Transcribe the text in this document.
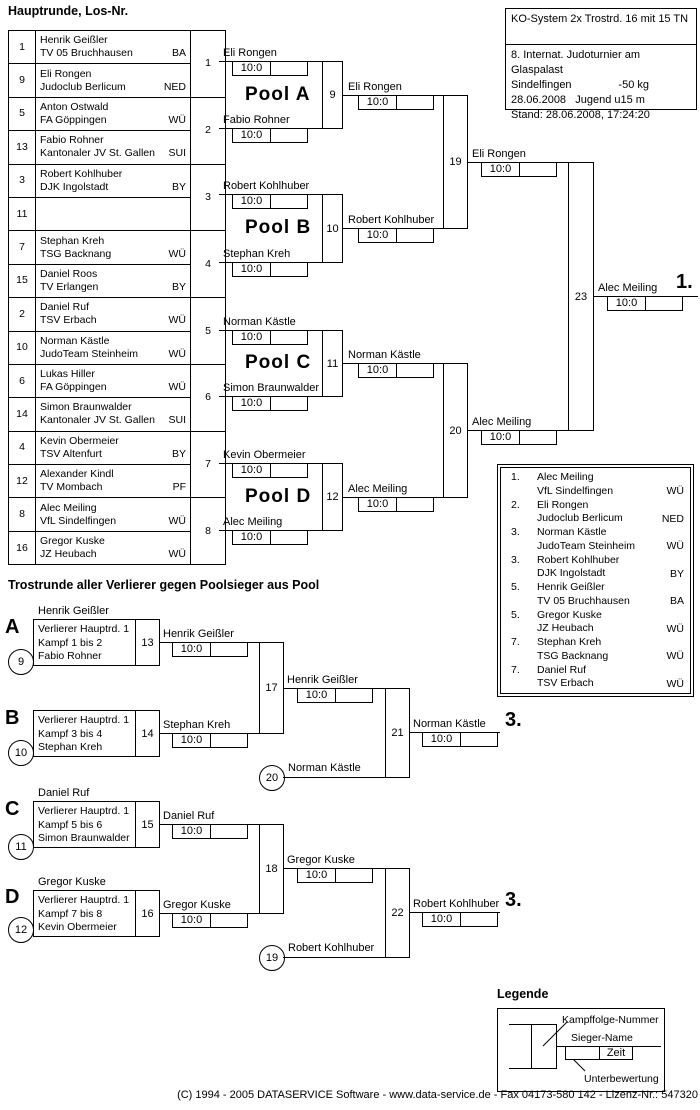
Hauptrunde, Los-Nr.
KO-System 2x Trostrd. 16 mit 15 TN
8. Internat. Judoturnier am Glaspalast
Sindelfingen	-50 kg
28.06.2008   Jugend u15 m
Stand: 28.06.2008, 17:24:20
1	Henrik Geißler
TV 05 Bruchhausen BA	1
9	Eli Rongen
Judoclub Berlicum NED	

5	Anton Ostwald
FA Göppingen WÜ	2
13	Fabio Rohner
Kantonaler JV St. Gallen SUI	

3	Robert Kohlhuber
DJK Ingolstadt BY	3
11		

7	Stephan Kreh
TSG Backnang WÜ	4
15	Daniel Roos
TV Erlangen BY	

2	Daniel Ruf
TSV Erbach WÜ	5
10	Norman Kästle
JudoTeam Steinheim WÜ	

6	Lukas Hiller
FA Göppingen WÜ	6
14	Simon Braunwalder
Kantonaler JV St. Gallen SUI	

4	Kevin Obermeier
TSV Altenfurt BY	7
12	Alexander Kindl
TV Mombach PF	

8	Alec Meiling
VfL Sindelfingen WÜ	8
16	Gregor Kuske
JZ Heubach WÜ	
Eli Rongen
10:0
Pool A
Fabio Rohner
10:0
9
Eli Rongen
10:0
Robert Kohlhuber
10:0
Pool B
Stephan Kreh
10:0
10
Robert Kohlhuber
10:0
Norman Kästle
10:0
Pool C
Simon Braunwalder
10:0
11
Norman Kästle
10:0
Kevin Obermeier
10:0
Pool D
Alec Meiling
10:0
12
Alec Meiling
10:0
19
Eli Rongen
10:0
20
Alec Meiling
10:0
23
Alec Meiling 1.
10:0
1.	Alec Meiling
VfL Sindelfingen	WÜ
2.	Eli Rongen
Judoclub Berlicum	NED
3.	Norman Kästle
JudoTeam Steinheim	WÜ
3.	Robert Kohlhuber
DJK Ingolstadt	BY
5.	Henrik Geißler
TV 05 Bruchhausen	BA
5.	Gregor Kuske
JZ Heubach	WÜ
7.	Stephan Kreh
TSG Backnang	WÜ
7.	Daniel Ruf
TSV Erbach	WÜ
Trostrunde aller Verlierer gegen Poolsieger aus Pool
A
Henrik Geißler
Verlierer Hauptrd. 1
Kampf 1 bis 2
Fabio Rohner
13
9
Henrik Geißler
10:0
B Verlierer Hauptrd. 1
Kampf 3 bis 4
Stephan Kreh
14
10
Stephan Kreh
10:0
17
Henrik Geißler
10:0
20
Norman Kästle
21
Norman Kästle 3.
10:0
C
Daniel Ruf
Verlierer Hauptrd. 1
Kampf 5 bis 6
Simon Braunwalder
15
11
Daniel Ruf
10:0
D
Gregor Kuske
Verlierer Hauptrd. 1
Kampf 7 bis 8
Kevin Obermeier
16
12
Gregor Kuske
10:0
18
Gregor Kuske
10:0
19
Robert Kohlhuber
22
Robert Kohlhuber 3.
10:0
Legende
Kampffolge-Nummer
Sieger-Name
Zeit
Unterbewertung
(C) 1994 - 2005 DATASERVICE Software - www.data-service.de - Fax 04173-580 142 - Lizenz-Nr.: 547320
